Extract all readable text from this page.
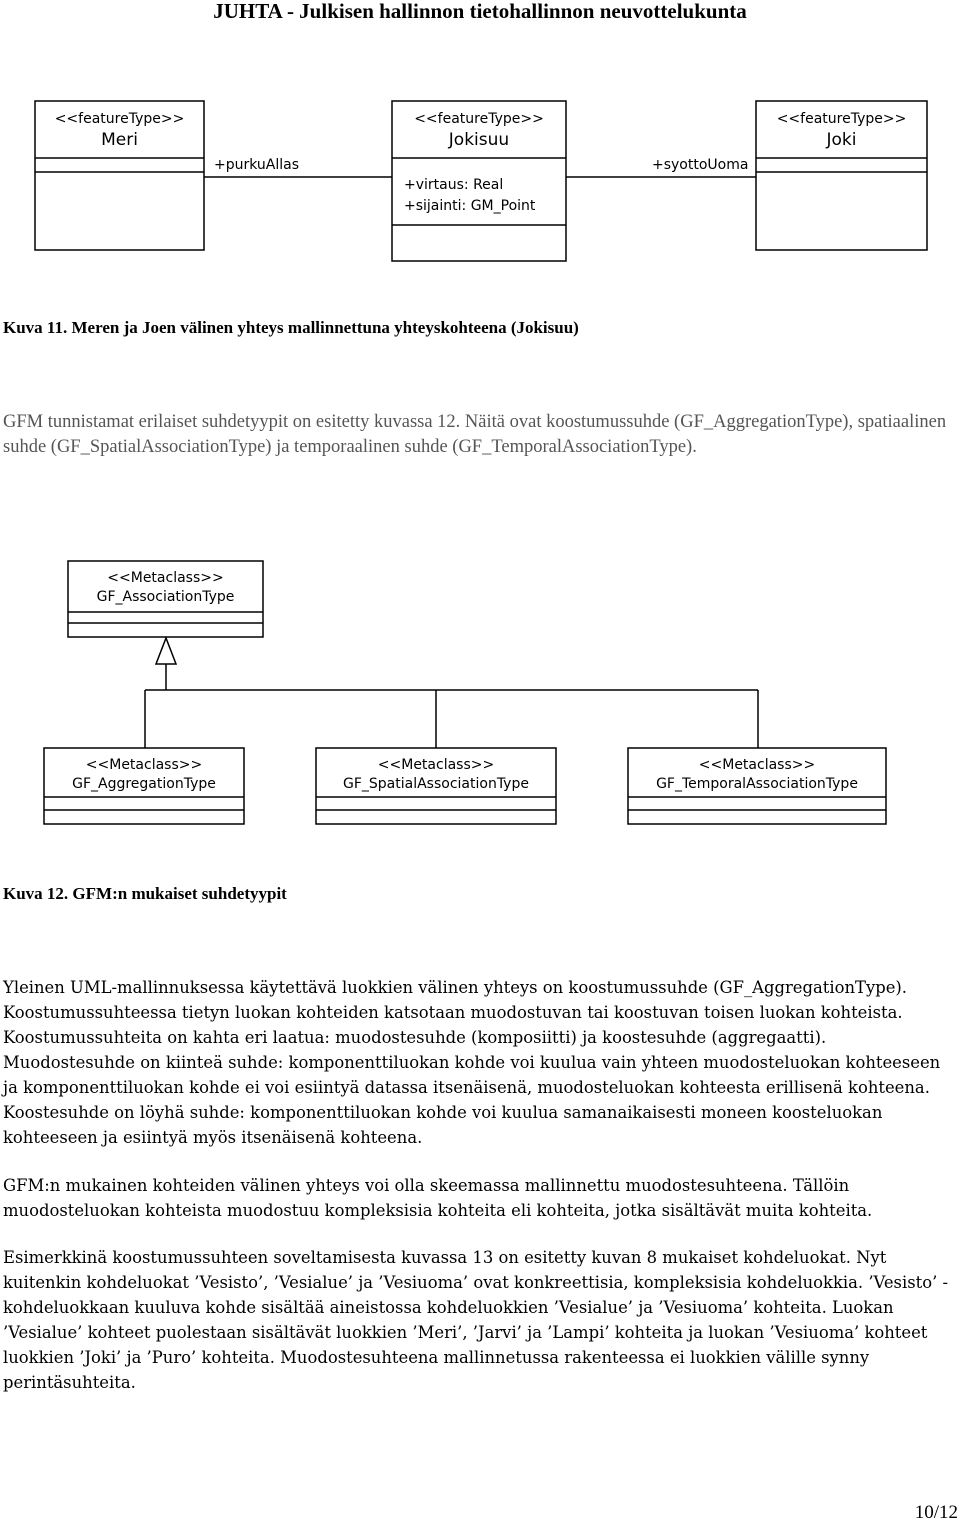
JUHTA - Julkisen hallinnon tietohallinnon neuvottelukunta
<<featureType>>
Meri
<<featureType>>
Jokisuu
+virtaus: Real
+sijainti: GM_Point
<<featureType>>
Joki
+purkuAllas	+syottoUoma
Kuva 11. Meren ja Joen välinen yhteys mallinnettuna yhteyskohteena (Jokisuu)

GFM tunnistamat erilaiset suhdetyypit on esitetty kuvassa 12. Näitä ovat koostumussuhde (GF_AggregationType), spatiaalinen suhde (GF_SpatialAssociationType) ja temporaalinen suhde (GF_TemporalAssociationType).

<<Metaclass>>
GF_AssociationType
<<Metaclass>>
GF_AggregationType
<<Metaclass>>
GF_SpatialAssociationType
<<Metaclass>>
GF_TemporalAssociationType
Kuva 12. GFM:n mukaiset suhdetyypit

Yleinen UML-mallinnuksessa käytettävä luokkien välinen yhteys on koostumussuhde (GF_AggregationType). Koostumussuhteessa tietyn luokan kohteiden katsotaan muodostuvan tai koostuvan toisen luokan kohteista. Koostumussuhteita on kahta eri laatua: muodostesuhde (komposiitti) ja koostesuhde (aggregaatti). Muodostesuhde on kiinteä suhde: komponenttiluokan kohde voi kuulua vain yhteen muodosteluokan kohteeseen ja komponenttiluokan kohde ei voi esiintyä datassa itsenäisenä, muodosteluokan kohteesta erillisenä kohteena. Koostesuhde on löyhä suhde: komponenttiluokan kohde voi kuulua samanaikaisesti moneen koosteluokan kohteeseen ja esiintyä myös itsenäisenä kohteena.

GFM:n mukainen kohteiden välinen yhteys voi olla skeemassa mallinnettu muodostesuhteena. Tällöin muodosteluokan kohteista muodostuu kompleksisia kohteita eli kohteita, jotka sisältävät muita kohteita.

Esimerkkinä koostumussuhteen soveltamisesta kuvassa 13 on esitetty kuvan 8 mukaiset kohdeluokat. Nyt kuitenkin kohdeluokat ’Vesisto’, ’Vesialue’ ja ’Vesiuoma’ ovat konkreettisia, kompleksisia kohdeluokkia. ’Vesisto’ -kohdeluokkaan kuuluva kohde sisältää aineistossa kohdeluokkien ’Vesialue’ ja ’Vesiuoma’ kohteita. Luokan ’Vesialue’ kohteet puolestaan sisältävät luokkien ’Meri’, ’Jarvi’ ja ’Lampi’ kohteita ja luokan ’Vesiuoma’ kohteet luokkien ’Joki’ ja ’Puro’ kohteita. Muodostesuhteena mallinnetussa rakenteessa ei luokkien välille synny perintäsuhteita.

10/12
